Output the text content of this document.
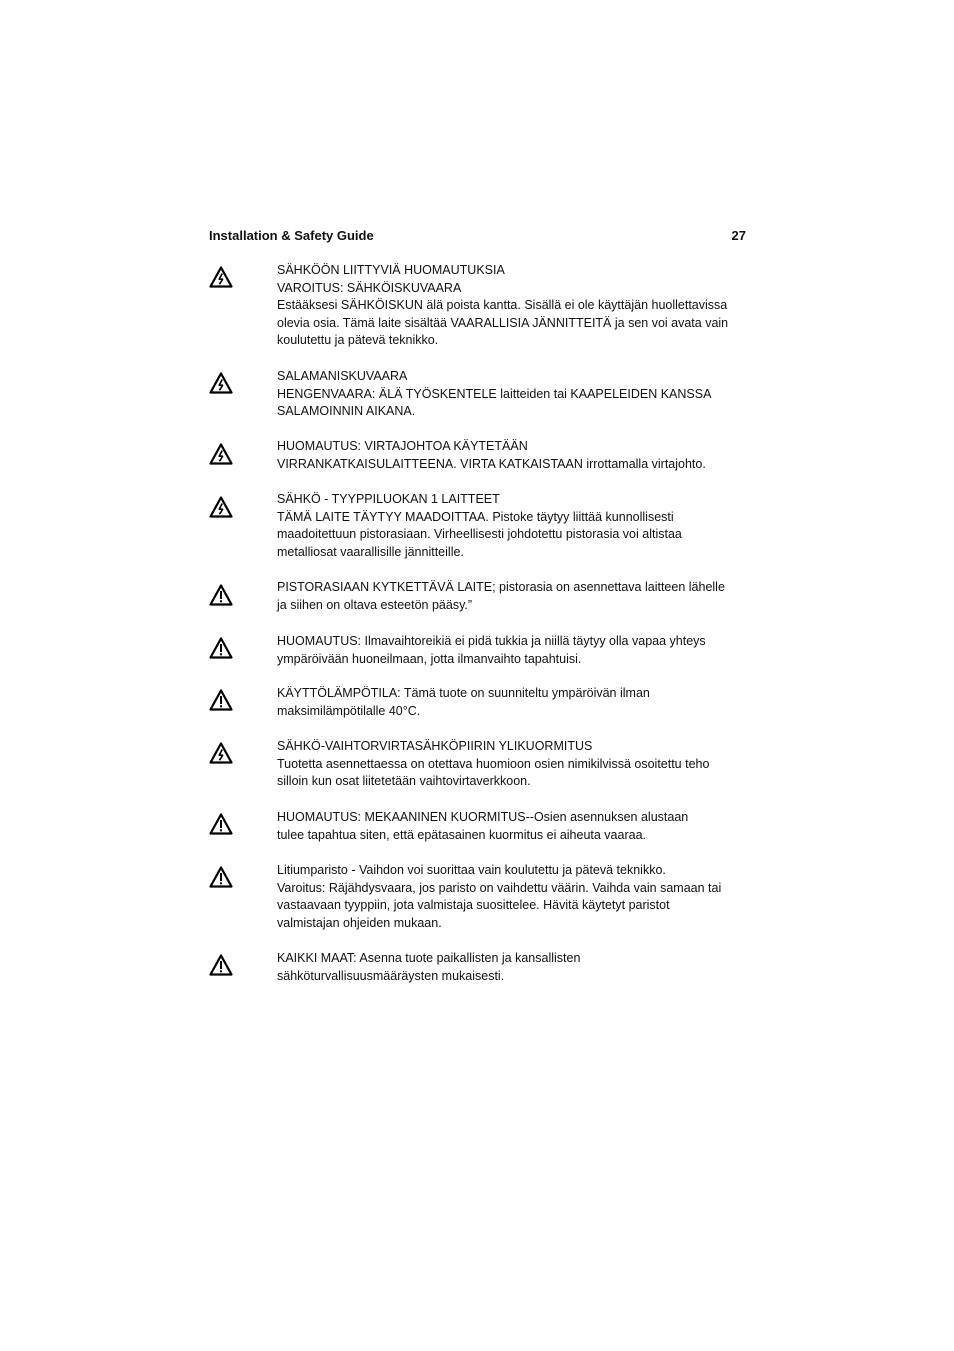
Installation & Safety Guide	27
SÄHKÖÖN LIITTYVIÄ HUOMAUTUKSIA
VAROITUS: SÄHKÖISKUVAARA
Estääksesi SÄHKÖISKUN älä poista kantta. Sisällä ei ole käyttäjän huollettavissa
olevia osia. Tämä laite sisältää VAARALLISIA JÄNNITTEITÄ ja sen voi avata vain
koulutettu ja pätevä teknikko.
SALAMANISKUVAARA
HENGENVAARA: ÄLÄ TYÖSKENTELE laitteiden tai KAAPELEIDEN KANSSA
SALAMOINNIN AIKANA.
HUOMAUTUS: VIRTAJOHTOA KÄYTETÄÄN
VIRRANKATKAISULAITTEENA. VIRTA KATKAISTAAN irrottamalla virtajohto.
SÄHKÖ - TYYPPILUOKAN 1 LAITTEET
TÄMÄ LAITE TÄYTYY MAADOITTAA. Pistoke täytyy liittää kunnollisesti
maadoitettuun pistorasiaan. Virheellisesti johdotettu pistorasia voi altistaa
metalliosat vaarallisille jännitteille.
PISTORASIAAN KYTKETTÄVÄ LAITE; pistorasia on asennettava laitteen lähelle
ja siihen on oltava esteetön pääsy.”
HUOMAUTUS: Ilmavaihtoreikiä ei pidä tukkia ja niillä täytyy olla vapaa yhteys
ympäröivään huoneilmaan, jotta ilmanvaihto tapahtuisi.
KÄYTTÖLÄMPÖTILA: Tämä tuote on suunniteltu ympäröivän ilman
maksimilämpötilalle 40°C.
SÄHKÖ-VAIHTORVIRTASÄHKÖPIIRIN YLIKUORMITUS
Tuotetta asennettaessa on otettava huomioon osien nimikilvissä osoitettu teho
silloin kun osat liitetetään vaihtovirtaverkkoon.
HUOMAUTUS: MEKAANINEN KUORMITUS--Osien asennuksen alustaan
tulee tapahtua siten, että epätasainen kuormitus ei aiheuta vaaraa.
Litiumparisto - Vaihdon voi suorittaa vain koulutettu ja pätevä teknikko.
Varoitus: Räjähdysvaara, jos paristo on vaihdettu väärin. Vaihda vain samaan tai
vastaavaan tyyppiin, jota valmistaja suosittelee. Hävitä käytetyt paristot
valmistajan ohjeiden mukaan.
KAIKKI MAAT: Asenna tuote paikallisten ja kansallisten
sähköturvallisuusmääräysten mukaisesti.
